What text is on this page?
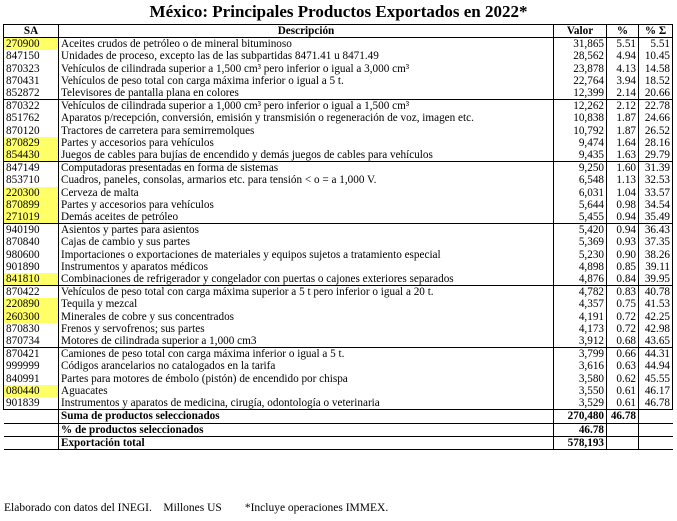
México: Principales Productos Exportados en 2022*
SA	Descripción	Valor	%	% Σ
270900	Aceites crudos de petróleo o de mineral bituminoso	31,865	5.51	5.51
847150	Unidades de proceso, excepto las de las subpartidas 8471.41 u 8471.49	28,562	4.94	10.45
870323	Vehículos de cilindrada superior a 1,500 cm³ pero inferior o igual a 3,000 cm³	23,878	4.13	14.58
870431	Vehículos de peso total con carga máxima inferior o igual a 5 t.	22,764	3.94	18.52
852872	Televisores de pantalla plana en colores	12,399	2.14	20.66
870322	Vehículos de cilindrada superior a 1,000 cm³ pero inferior o igual a 1,500 cm³	12,262	2.12	22.78
851762	Aparatos p/recepción, conversión, emisión y transmisión o regeneración de voz, imagen etc.	10,838	1.87	24.66
870120	Tractores de carretera para semirremolques	10,792	1.87	26.52
870829	Partes y accesorios para vehículos	9,474	1.64	28.16
854430	Juegos de cables para bujías de encendido y demás juegos de cables para vehículos	9,435	1.63	29.79
847149	Computadoras presentadas en forma de sistemas	9,250	1.60	31.39
853710	Cuadros, paneles, consolas, armarios etc. para tensión < o = a 1,000 V.	6,548	1.13	32.53
220300	Cerveza de malta	6,031	1.04	33.57
870899	Partes y accesorios para vehículos	5,644	0.98	34.54
271019	Demás aceites de petróleo	5,455	0.94	35.49
940190	Asientos y partes para asientos	5,420	0.94	36.43
870840	Cajas de cambio y sus partes	5,369	0.93	37.35
980600	Importaciones o exportaciones de materiales y equipos sujetos a tratamiento especial	5,230	0.90	38.26
901890	Instrumentos y aparatos médicos	4,898	0.85	39.11
841810	Combinaciones de refrigerador y congelador con puertas o cajones exteriores separados	4,876	0.84	39.95
870422	Vehículos de peso total con carga máxima superior a 5 t pero inferior o igual a 20 t.	4,782	0.83	40.78
220890	Tequila y mezcal	4,357	0.75	41.53
260300	Minerales de cobre y sus concentrados	4,191	0.72	42.25
870830	Frenos y servofrenos; sus partes	4,173	0.72	42.98
870734	Motores de cilindrada superior a 1,000 cm3	3,912	0.68	43.65
870421	Camiones de peso total con carga máxima inferior o igual a 5 t.	3,799	0.66	44.31
999999	Códigos arancelarios no catalogados en la tarifa	3,616	0.63	44.94
840991	Partes para motores de émbolo (pistón) de encendido por chispa	3,580	0.62	45.55
080440	Aguacates	3,550	0.61	46.17
901839	Instrumentos y aparatos de medicina, cirugía, odontología o veterinaria	3,529	0.61	46.78
	Suma de productos seleccionados	270,480	46.78	
	% de productos seleccionados	46.78		
	Exportación total	578,193		
Elaborado con datos del INEGI. Millones US *Incluye operaciones IMMEX.
